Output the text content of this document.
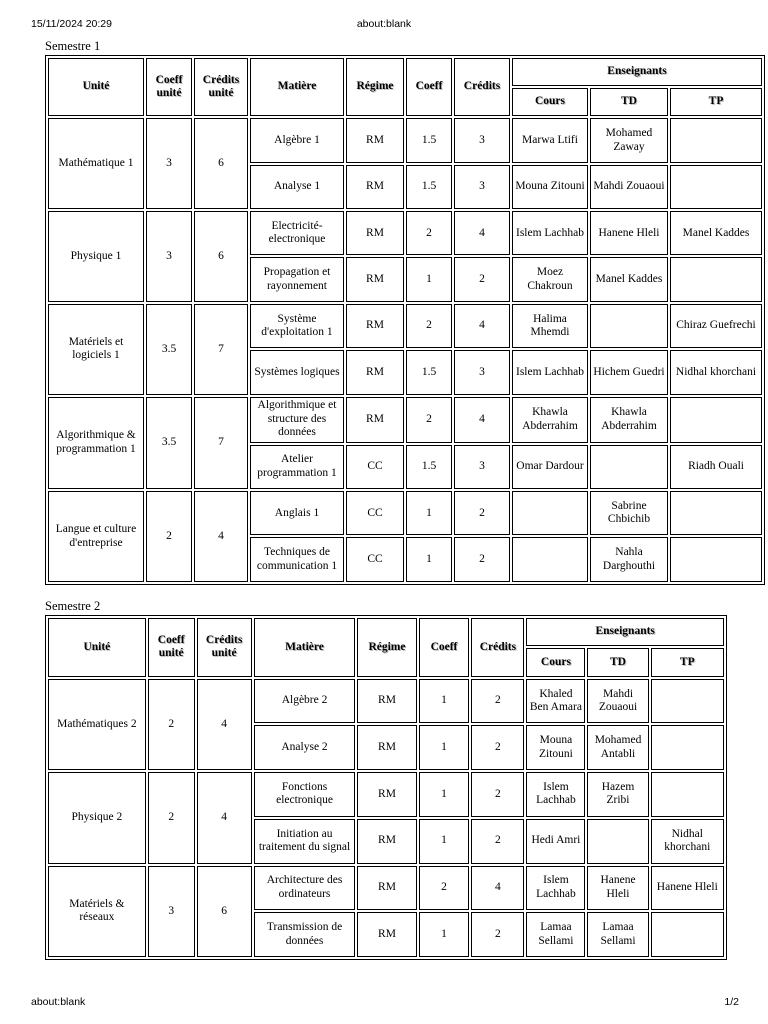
15/11/2024 20:29	about:blank
Semestre 1
Unité	Coeff unité	Crédits unité	Matière	Régime	Coeff	Crédits	Enseignants		
							Cours	TD	TP
Mathématique 1	3	6	Algèbre 1	RM	1.5	3	Marwa Ltifi	Mohamed Zaway	
			Analyse 1	RM	1.5	3	Mouna Zitouni	Mahdi Zouaoui	
Physique 1	3	6	Electricité-electronique	RM	2	4	Islem Lachhab	Hanene Hleli	Manel Kaddes
			Propagation et rayonnement	RM	1	2	Moez Chakroun	Manel Kaddes	
Matériels et logiciels 1	3.5	7	Système d'exploitation 1	RM	2	4	Halima Mhemdi		Chiraz Guefrechi
			Systèmes logiques	RM	1.5	3	Islem Lachhab	Hichem Guedri	Nidhal khorchani
Algorithmique & programmation 1	3.5	7	Algorithmique et structure des données	RM	2	4	Khawla Abderrahim	Khawla Abderrahim	
			Atelier programmation 1	CC	1.5	3	Omar Dardour		Riadh Ouali
Langue et culture d'entreprise	2	4	Anglais 1	CC	1	2		Sabrine Chbichib	
			Techniques de communication 1	CC	1	2		Nahla Darghouthi	
Semestre 2
Unité	Coeff unité	Crédits unité	Matière	Régime	Coeff	Crédits	Enseignants		
							Cours	TD	TP
Mathématiques 2	2	4	Algèbre 2	RM	1	2	Khaled Ben Amara	Mahdi Zouaoui	
			Analyse 2	RM	1	2	Mouna Zitouni	Mohamed Antabli	
Physique 2	2	4	Fonctions electronique	RM	1	2	Islem Lachhab	Hazem Zribi	
			Initiation au traitement du signal	RM	1	2	Hedi Amri		Nidhal khorchani
Matériels & réseaux	3	6	Architecture des ordinateurs	RM	2	4	Islem Lachhab	Hanene Hleli	Hanene Hleli
			Transmission de données	RM	1	2	Lamaa Sellami	Lamaa Sellami	
about:blank	1/2
